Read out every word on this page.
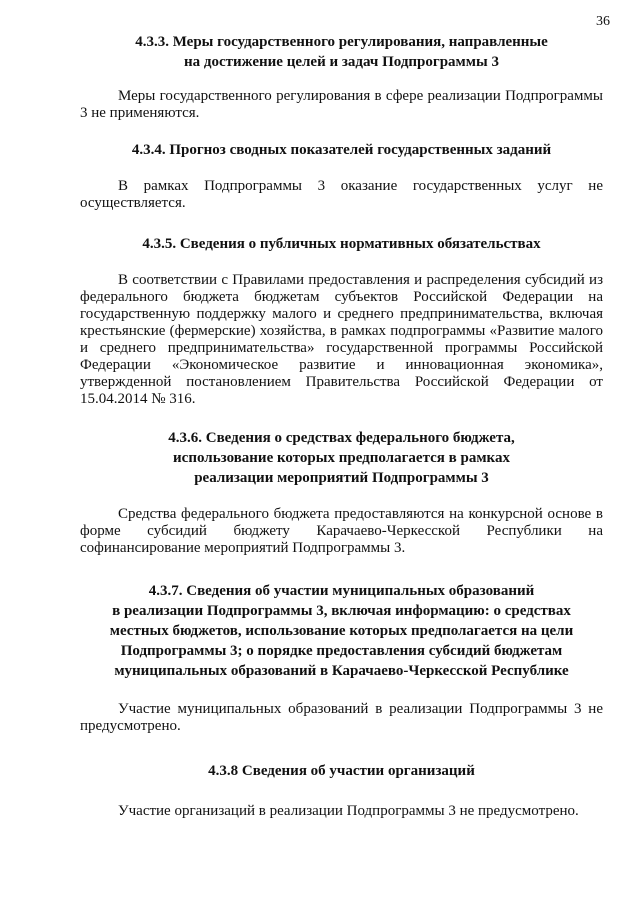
36
4.3.3. Меры государственного регулирования, направленные
на достижение целей и задач Подпрограммы 3

Меры государственного регулирования в сфере реализации Подпрограммы 3 не применяются.

4.3.4. Прогноз сводных показателей государственных заданий

В рамках Подпрограммы 3 оказание государственных услуг не осуществляется.

4.3.5. Сведения о публичных нормативных обязательствах

В соответствии с Правилами предоставления и распределения субсидий из федерального бюджета бюджетам субъектов Российской Федерации на государственную поддержку малого и среднего предпринимательства, включая крестьянские (фермерские) хозяйства, в рамках подпрограммы «Развитие малого и среднего предпринимательства» государственной программы Российской Федерации «Экономическое развитие и инновационная экономика», утвержденной постановлением Правительства Российской Федерации от 15.04.2014 № 316.

4.3.6. Сведения о средствах федерального бюджета,
использование которых предполагается в рамках
реализации мероприятий Подпрограммы 3

Средства федерального бюджета предоставляются на конкурсной основе в форме субсидий бюджету Карачаево-Черкесской Республики на софинансирование мероприятий Подпрограммы 3.

4.3.7. Сведения об участии муниципальных образований
в реализации Подпрограммы 3, включая информацию: о средствах
местных бюджетов, использование которых предполагается на цели
Подпрограммы 3; о порядке предоставления субсидий бюджетам
муниципальных образований в Карачаево-Черкесской Республике

Участие муниципальных образований в реализации Подпрограммы 3 не предусмотрено.

4.3.8 Сведения об участии организаций

Участие организаций в реализации Подпрограммы 3 не предусмотрено.
